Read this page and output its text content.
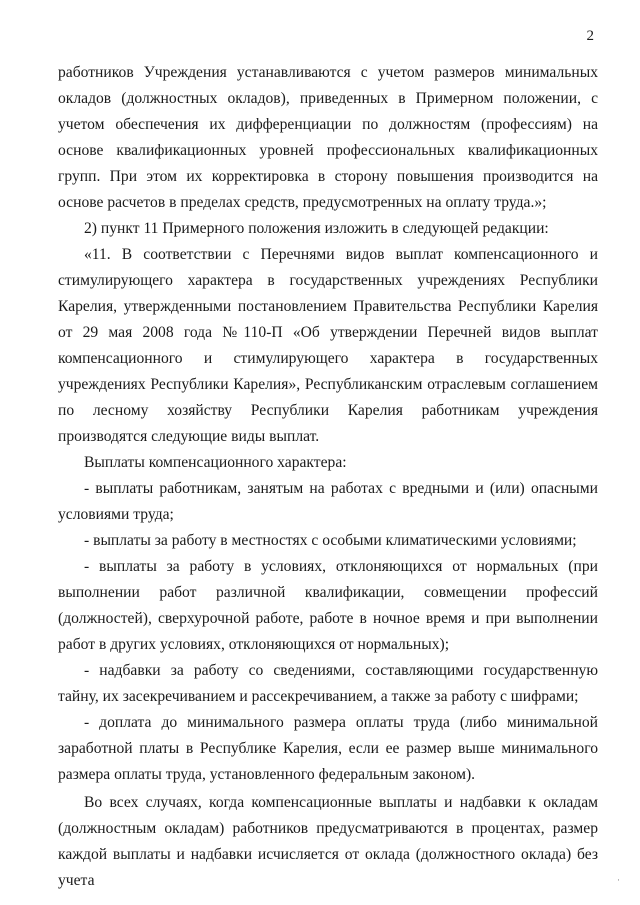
2

работников Учреждения устанавливаются с учетом размеров минимальных окладов (должностных окладов), приведенных в Примерном положении, с учетом обеспечения их дифференциации по должностям (профессиям) на основе квалификационных уровней профессиональных квалификационных групп. При этом их корректировка в сторону повышения производится на основе расчетов в пределах средств, предусмотренных на оплату труда.»;

2) пункт 11 Примерного положения изложить в следующей редакции:

«11. В соответствии с Перечнями видов выплат компенсационного и стимулирующего характера в государственных учреждениях Республики Карелия, утвержденными постановлением Правительства Республики Карелия от 29 мая 2008 года №110-П «Об утверждении Перечней видов выплат компенсационного и стимулирующего характера в государственных учреждениях Республики Карелия», Республиканским отраслевым соглашением по лесному хозяйству Республики Карелия работникам учреждения производятся следующие виды выплат.

Выплаты компенсационного характера:

- выплаты работникам, занятым на работах с вредными и (или) опасными условиями труда;

- выплаты за работу в местностях с особыми климатическими условиями;

- выплаты за работу в условиях, отклоняющихся от нормальных (при выполнении работ различной квалификации, совмещении профессий (должностей), сверхурочной работе, работе в ночное время и при выполнении работ в других условиях, отклоняющихся от нормальных);

- надбавки за работу со сведениями, составляющими государственную тайну, их засекречиванием и рассекречиванием, а также за работу с шифрами;

- доплата до минимального размера оплаты труда (либо минимальной заработной платы в Республике Карелия, если ее размер выше минимального размера оплаты труда, установленного федеральным законом).

Во всех случаях, когда компенсационные выплаты и надбавки к окладам (должностным окладам) работников предусматриваются в процентах, размер каждой выплаты и надбавки исчисляется от оклада (должностного оклада) без учета	·
